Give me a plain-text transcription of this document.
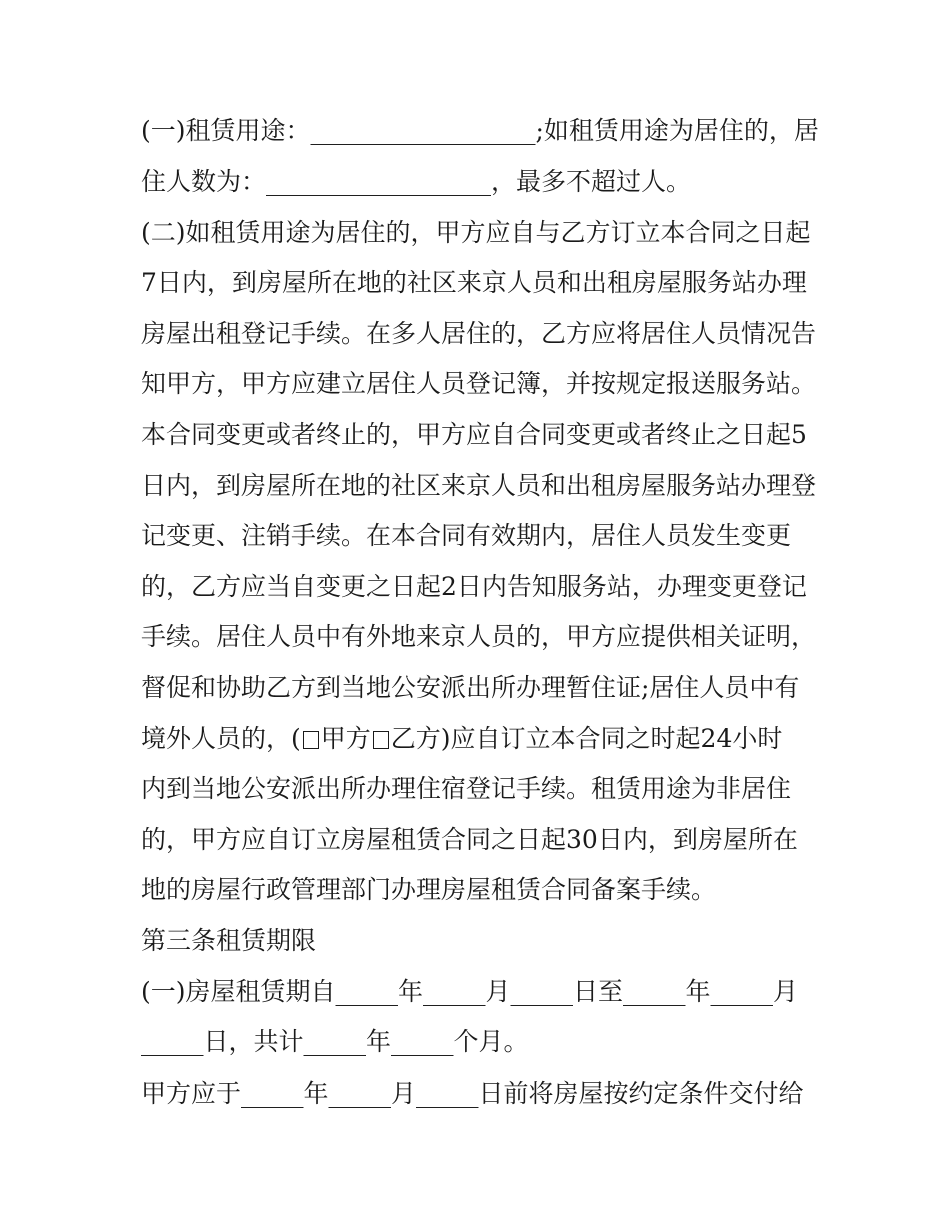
(一)租赁用途：__________________;如租赁用途为居住的，居

住人数为：__________________，最多不超过人。

(二)如租赁用途为居住的，甲方应自与乙方订立本合同之日起

7日内，到房屋所在地的社区来京人员和出租房屋服务站办理

房屋出租登记手续。在多人居住的，乙方应将居住人员情况告

知甲方，甲方应建立居住人员登记簿，并按规定报送服务站。

本合同变更或者终止的，甲方应自合同变更或者终止之日起5

日内，到房屋所在地的社区来京人员和出租房屋服务站办理登

记变更、注销手续。在本合同有效期内，居住人员发生变更

的，乙方应当自变更之日起2日内告知服务站，办理变更登记

手续。居住人员中有外地来京人员的，甲方应提供相关证明，

督促和协助乙方到当地公安派出所办理暂住证;居住人员中有

境外人员的，( 甲方 乙方)应自订立本合同之时起24小时

内到当地公安派出所办理住宿登记手续。租赁用途为非居住

的，甲方应自订立房屋租赁合同之日起30日内，到房屋所在

地的房屋行政管理部门办理房屋租赁合同备案手续。

第三条租赁期限

(一)房屋租赁期自_____年_____月_____日至_____年_____月

_____日，共计_____年_____个月。

甲方应于_____年_____月_____日前将房屋按约定条件交付给
